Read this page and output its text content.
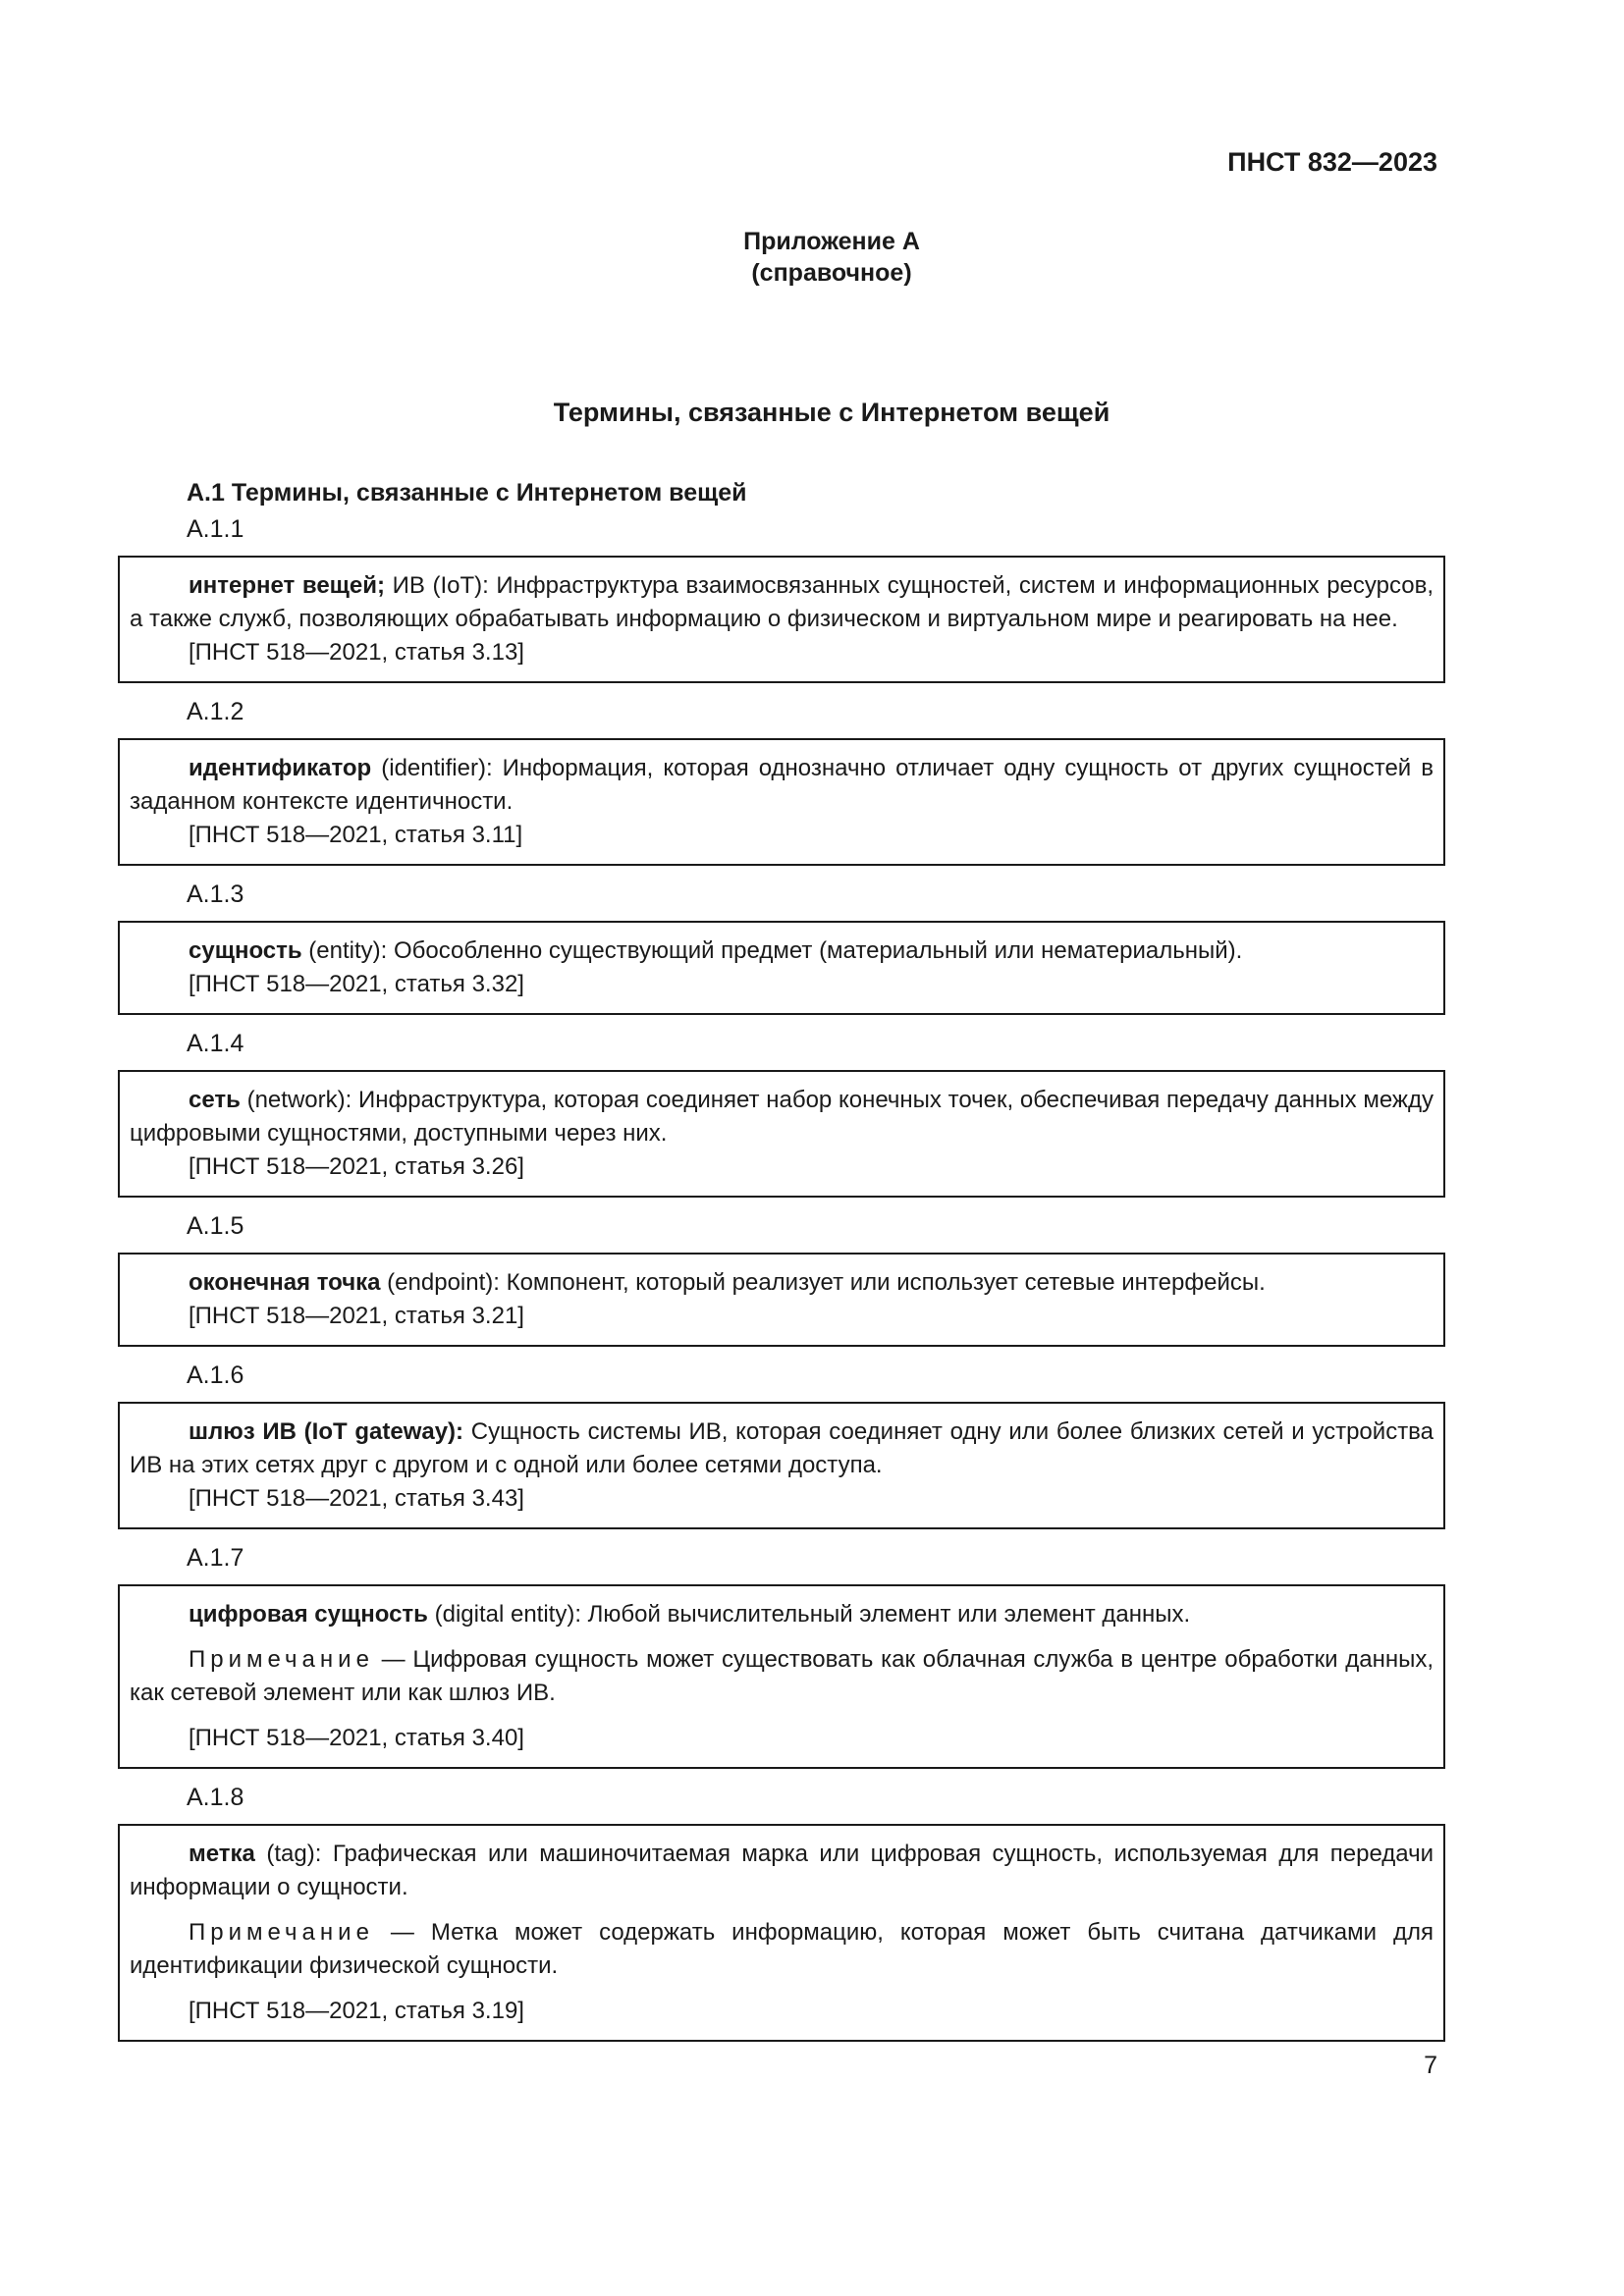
ПНСТ 832—2023
Приложение А
(справочное)
Термины, связанные с Интернетом вещей
А.1 Термины, связанные с Интернетом вещей
А.1.1

интернет вещей; ИВ (IoT): Инфраструктура взаимосвязанных сущностей, систем и информационных ресурсов, а также служб, позволяющих обрабатывать информацию о физическом и виртуальном мире и реагировать на нее.

[ПНСТ 518—2021, статья 3.13]

А.1.2

идентификатор (identifier): Информация, которая однозначно отличает одну сущность от других сущностей в заданном контексте идентичности.

[ПНСТ 518—2021, статья 3.11]

А.1.3

сущность (entity): Обособленно существующий предмет (материальный или нематериальный).

[ПНСТ 518—2021, статья 3.32]

А.1.4

сеть (network): Инфраструктура, которая соединяет набор конечных точек, обеспечивая передачу данных между цифровыми сущностями, доступными через них.

[ПНСТ 518—2021, статья 3.26]

А.1.5

оконечная точка (endpoint): Компонент, который реализует или использует сетевые интерфейсы.

[ПНСТ 518—2021, статья 3.21]

А.1.6

шлюз ИВ (IoT gateway): Сущность системы ИВ, которая соединяет одну или более близких сетей и устройства ИВ на этих сетях друг с другом и с одной или более сетями доступа.

[ПНСТ 518—2021, статья 3.43]

А.1.7

цифровая сущность (digital entity): Любой вычислительный элемент или элемент данных.

Примечание — Цифровая сущность может существовать как облачная служба в центре обработки данных, как сетевой элемент или как шлюз ИВ.

[ПНСТ 518—2021, статья 3.40]

А.1.8

метка (tag): Графическая или машиночитаемая марка или цифровая сущность, используемая для передачи информации о сущности.

Примечание — Метка может содержать информацию, которая может быть считана датчиками для идентификации физической сущности.

[ПНСТ 518—2021, статья 3.19]

7
